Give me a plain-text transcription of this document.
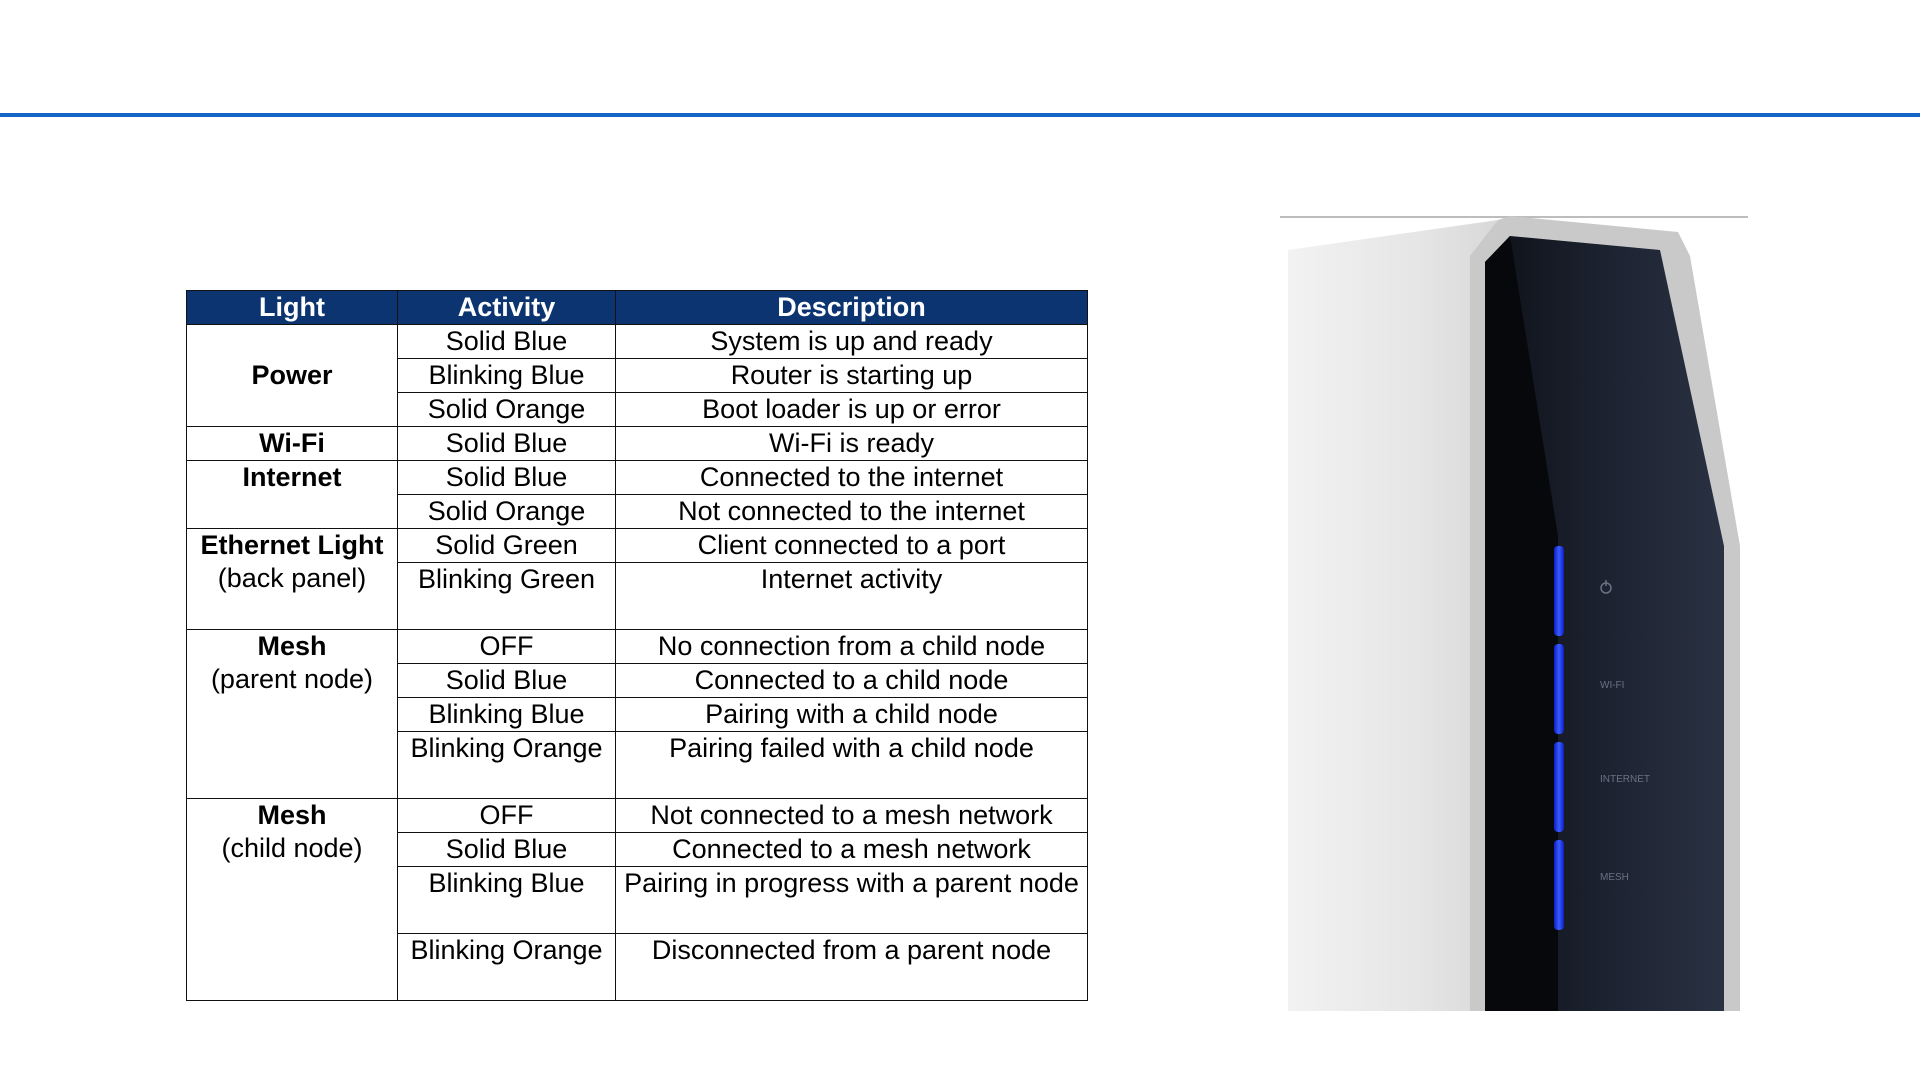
Light	Activity	Description

Power	Solid Blue	System is up and ready
	Blinking Blue	Router is starting up
	Solid Orange	Boot loader is up or error

Wi-Fi	Solid Blue	Wi-Fi is ready

Internet	Solid Blue	Connected to the internet
	Solid Orange	Not connected to the internet

Ethernet Light
(back panel)	Solid Green	Client connected to a port
	Blinking Green	Internet activity

Mesh
(parent node)	OFF	No connection from a child node
	Solid Blue	Connected to a child node
	Blinking Blue	Pairing with a child node
	Blinking Orange	Pairing failed with a child node

Mesh
(child node)	OFF	Not connected to a mesh network
	Solid Blue	Connected to a mesh network
	Blinking Blue	Pairing in progress with a parent node
	Blinking Orange	Disconnected from a parent node
WI-FI
INTERNET
MESH
